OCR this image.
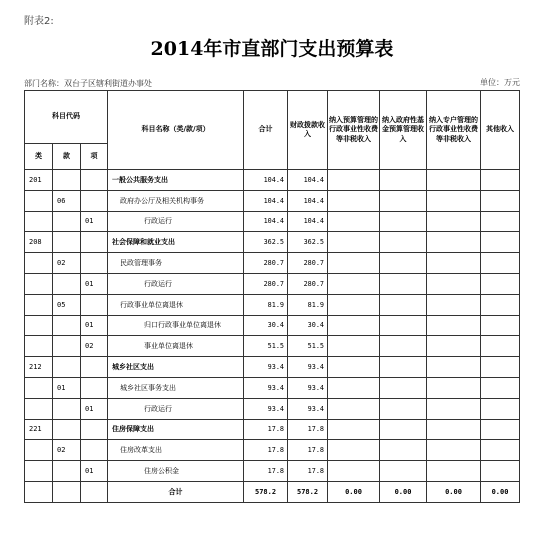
附表2:
2014年市直部门支出预算表
部门名称：双台子区辖利街道办事处	单位：万元
科目代码			科目名称（类/款/项）	合计	财政拨款收入	纳入预算管理的行政事业性收费等非税收入	纳入政府性基金预算管理收入	纳入专户管理的行政事业性收费等非税收入	其他收入
类	款	项							
201			一般公共服务支出	104.4	104.4				
	06		政府办公厅及相关机构事务	104.4	104.4				
		01	行政运行	104.4	104.4				
208			社会保障和就业支出	362.5	362.5				
	02		民政管理事务	280.7	280.7				
		01	行政运行	280.7	280.7				
	05		行政事业单位离退休	81.9	81.9				
		01	归口行政事业单位离退休	30.4	30.4				
		02	事业单位离退休	51.5	51.5				
212			城乡社区支出	93.4	93.4				
	01		城乡社区事务支出	93.4	93.4				
		01	行政运行	93.4	93.4				
221			住房保障支出	17.8	17.8				
	02		住房改革支出	17.8	17.8				
		01	住房公积金	17.8	17.8				
			合计	578.2	578.2	0.00	0.00	0.00	0.00
